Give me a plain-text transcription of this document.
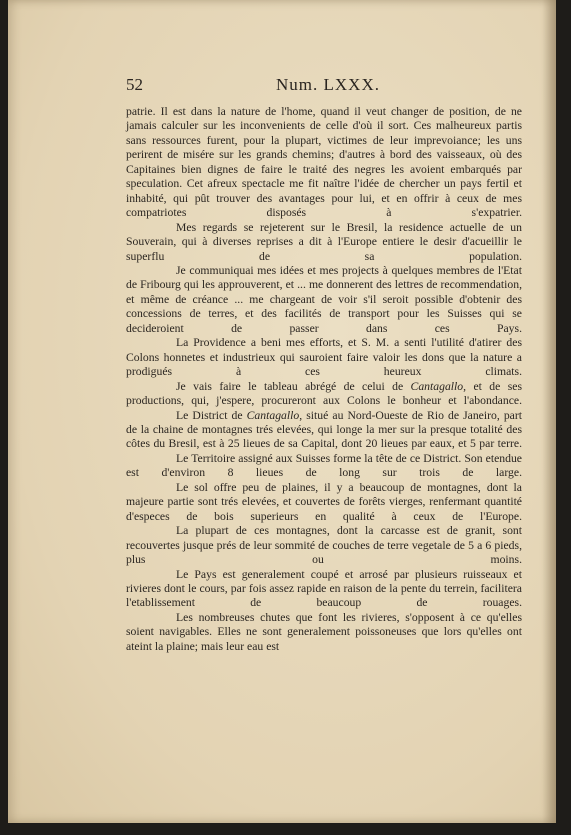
52	Num. LXXX.

patrie. Il est dans la nature de l'home, quand il veut changer de position, de ne jamais calculer sur les inconvenients de celle d'où il sort. Ces malheureux partis sans ressources furent, pour la plupart, victimes de leur imprevoiance; les uns perirent de misére sur les grands chemins; d'autres à bord des vaisseaux, où des Capitaines bien dignes de faire le traité des negres les avoient embarqués par speculation. Cet afreux spectacle me fit naître l'idée de chercher un pays fertil et inhabité, qui pût trouver des avantages pour lui, et en offrir à ceux de mes compatriotes disposés à s'expatrier.

Mes regards se rejeterent sur le Bresil, la residence actuelle de un Souverain, qui à diverses reprises a dit à l'Europe entiere le desir d'acueillir le superflu de sa population.

Je communiquai mes idées et mes projects à quelques membres de l'Etat de Fribourg qui les approuverent, et ... me donnerent des lettres de recommendation, et même de créance ... me chargeant de voir s'il seroit possible d'obtenir des concessions de terres, et des facilités de transport pour les Suisses qui se decideroient de passer dans ces Pays.

La Providence a beni mes efforts, et S. M. a senti l'utilité d'atirer des Colons honnetes et industrieux qui sauroient faire valoir les dons que la nature a prodigués à ces heureux climats.

Je vais faire le tableau abrégé de celui de Cantagallo, et de ses productions, qui, j'espere, procureront aux Colons le bonheur et l'abondance.

Le District de Cantagallo, situé au Nord-Oueste de Rio de Janeiro, part de la chaine de montagnes trés elevées, qui longe la mer sur la presque totalité des côtes du Bresil, est à 25 lieues de sa Capital, dont 20 lieues par eaux, et 5 par terre.

Le Territoire assigné aux Suisses forme la tête de ce District. Son etendue est d'environ 8 lieues de long sur trois de large.

Le sol offre peu de plaines, il y a beaucoup de montagnes, dont la majeure partie sont trés elevées, et couvertes de forêts vierges, renfermant quantité d'especes de bois superieurs en qualité à ceux de l'Europe.

La plupart de ces montagnes, dont la carcasse est de granit, sont recouvertes jusque prés de leur sommité de couches de terre vegetale de 5 a 6 pieds, plus ou moins.

Le Pays est generalement coupé et arrosé par plusieurs ruisseaux et rivieres dont le cours, par fois assez rapide en raison de la pente du terrein, facilitera l'etablissement de beaucoup de rouages.

Les nombreuses chutes que font les rivieres, s'opposent à ce qu'elles soient navigables. Elles ne sont generalement poissoneuses que lors qu'elles ont ateint la plaine; mais leur eau est
